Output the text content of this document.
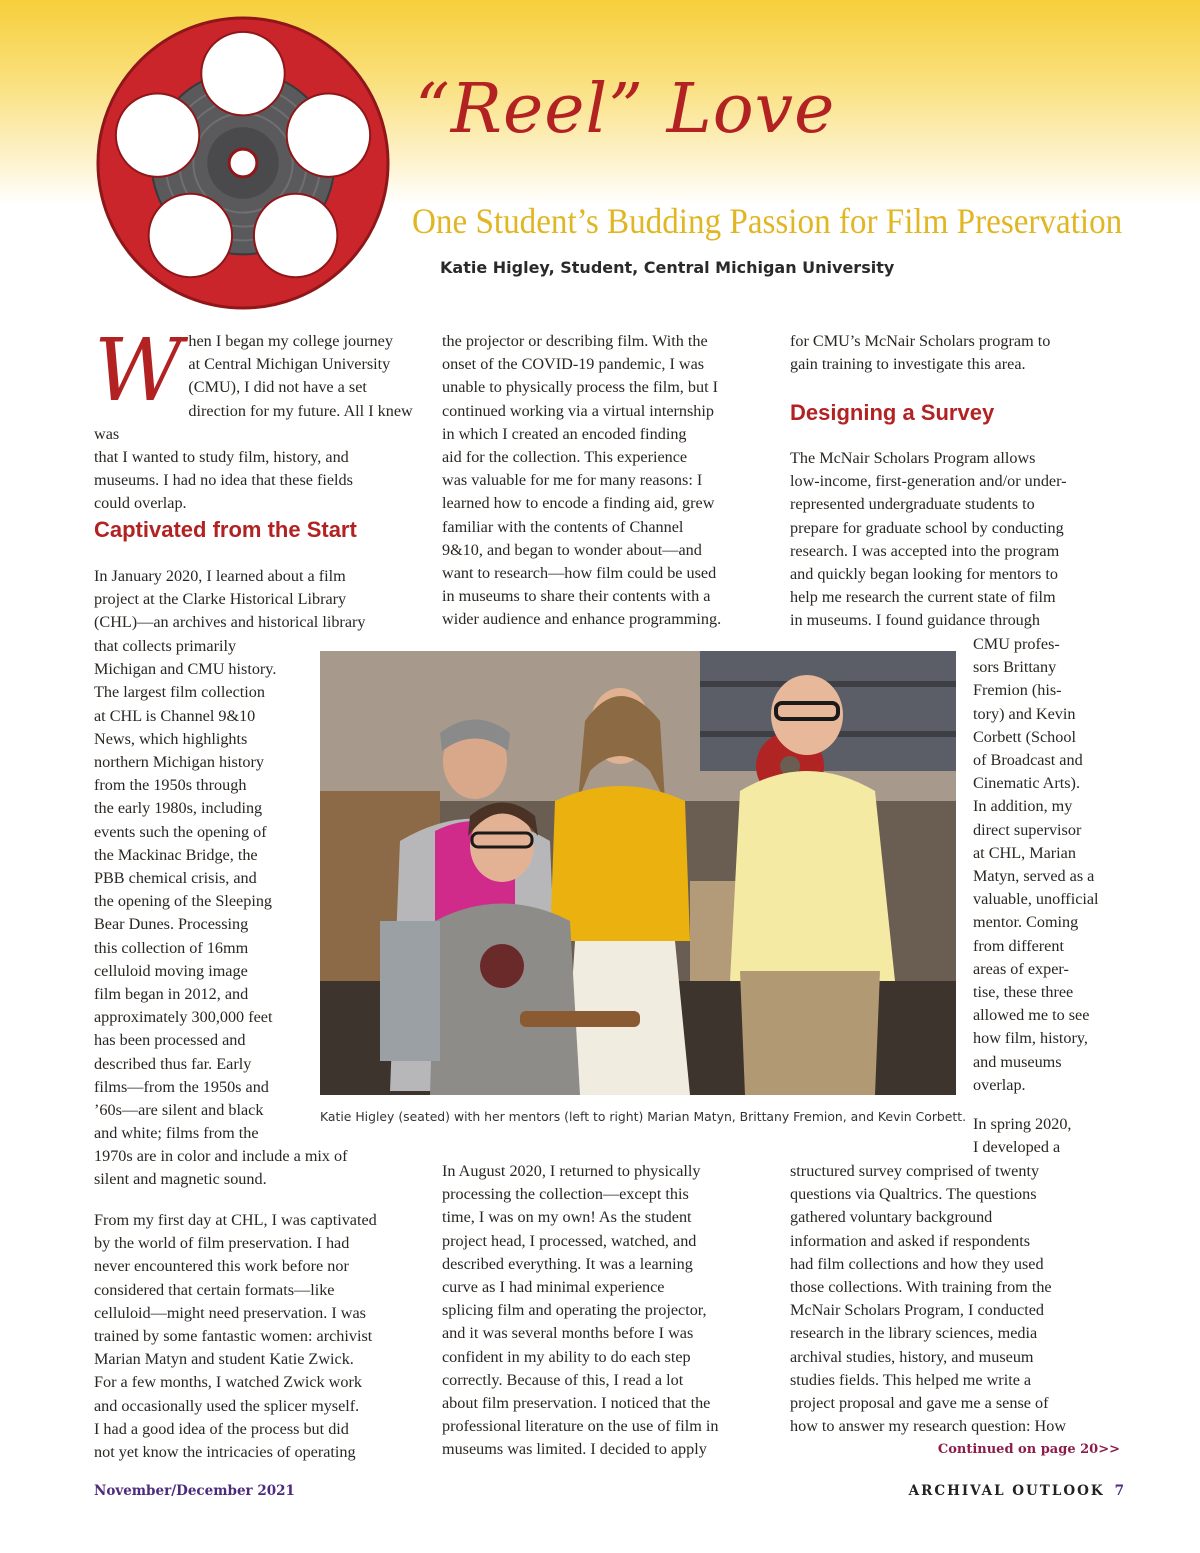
“Reel” Love
One Student’s Budding Passion for Film Preservation

Katie Higley, Student, Central Michigan University

W hen I began my college journey
at Central Michigan University
(CMU), I did not have a set
direction for my future. All I knew was
that I wanted to study film, history, and
museums. I had no idea that these fields
could overlap.

Captivated from the Start

In January 2020, I learned about a film
project at the Clarke Historical Library
(CHL)—an archives and historical library

that collects primarily
Michigan and CMU history.
The largest film collection
at CHL is Channel 9&10
News, which highlights
northern Michigan history
from the 1950s through
the early 1980s, including
events such the opening of
the Mackinac Bridge, the
PBB chemical crisis, and
the opening of the Sleeping
Bear Dunes. Processing
this collection of 16mm
celluloid moving image
film began in 2012, and
approximately 300,000 feet
has been processed and
described thus far. Early
films—from the 1950s and
’60s—are silent and black
and white; films from the

1970s are in color and include a mix of
silent and magnetic sound.

From my first day at CHL, I was captivated
by the world of film preservation. I had
never encountered this work before nor
considered that certain formats—like
celluloid—might need preservation. I was
trained by some fantastic women: archivist
Marian Matyn and student Katie Zwick.
For a few months, I watched Zwick work
and occasionally used the splicer myself.
I had a good idea of the process but did
not yet know the intricacies of operating

the projector or describing film. With the
onset of the COVID-19 pandemic, I was
unable to physically process the film, but I
continued working via a virtual internship
in which I created an encoded finding
aid for the collection. This experience
was valuable for me for many reasons: I
learned how to encode a finding aid, grew
familiar with the contents of Channel
9&10, and began to wonder about—and
want to research—how film could be used
in museums to share their contents with a
wider audience and enhance programming.

In August 2020, I returned to physically
processing the collection—except this
time, I was on my own! As the student
project head, I processed, watched, and
described everything. It was a learning
curve as I had minimal experience
splicing film and operating the projector,
and it was several months before I was
confident in my ability to do each step
correctly. Because of this, I read a lot
about film preservation. I noticed that the
professional literature on the use of film in
museums was limited. I decided to apply

for CMU’s McNair Scholars program to
gain training to investigate this area.

Designing a Survey

The McNair Scholars Program allows
low-income, first-generation and/or under-
represented undergraduate students to
prepare for graduate school by conducting
research. I was accepted into the program
and quickly began looking for mentors to
help me research the current state of film
in museums. I found guidance through

CMU profes-
sors Brittany
Fremion (his-
tory) and Kevin
Corbett (School
of Broadcast and
Cinematic Arts).
In addition, my
direct supervisor
at CHL, Marian
Matyn, served as a
valuable, unofficial
mentor. Coming
from different
areas of exper-
tise, these three
allowed me to see
how film, history,
and museums
overlap.

In spring 2020,
I developed a

structured survey comprised of twenty
questions via Qualtrics. The questions
gathered voluntary background
information and asked if respondents
had film collections and how they used
those collections. With training from the
McNair Scholars Program, I conducted
research in the library sciences, media
archival studies, history, and museum
studies fields. This helped me write a
project proposal and gave me a sense of
how to answer my research question: How

Continued on page 20>>

Katie Higley (seated) with her mentors (left to right) Marian Matyn, Brittany Fremion, and Kevin Corbett.

November/December 2021	ARCHIVAL OUTLOOK 7
